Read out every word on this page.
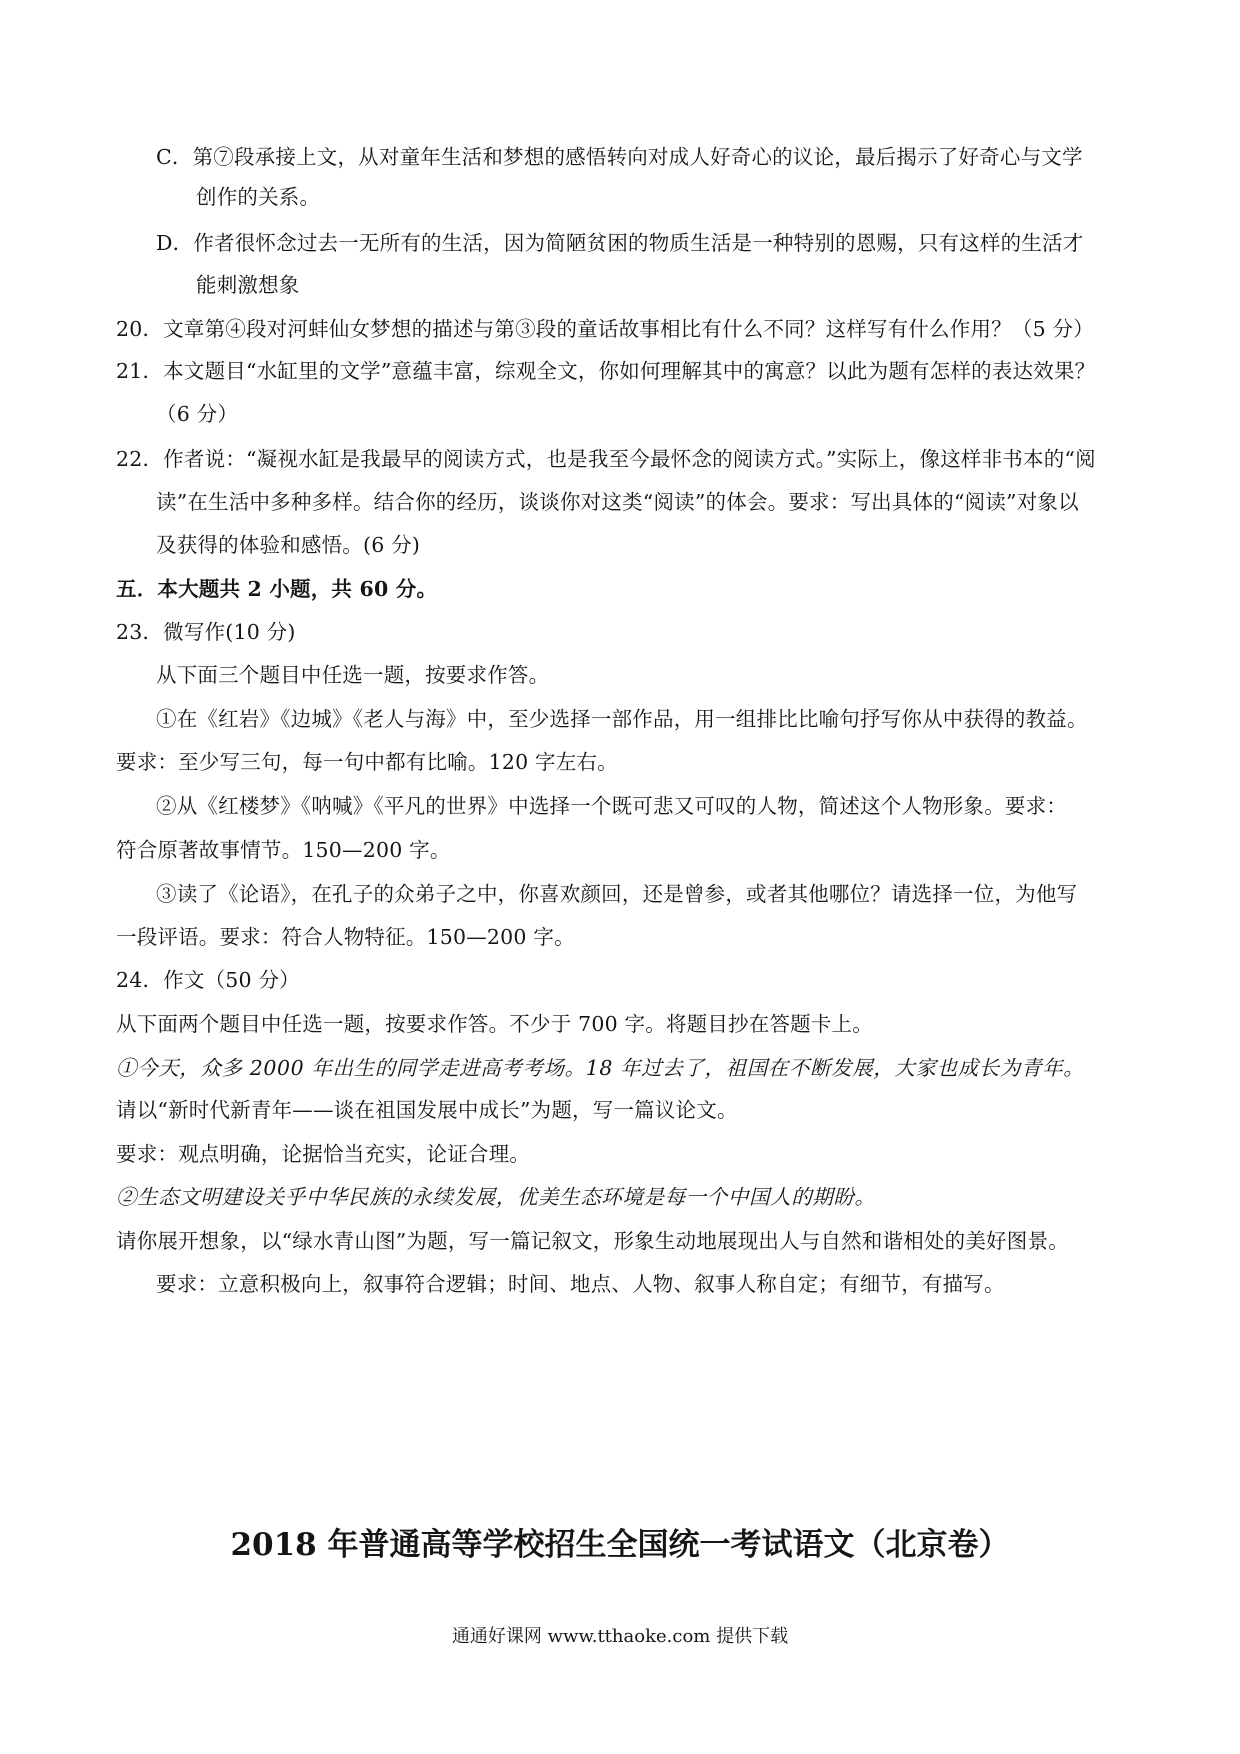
C．第⑦段承接上文，从对童年生活和梦想的感悟转向对成人好奇心的议论，最后揭示了好奇心与文学
创作的关系。
D．作者很怀念过去一无所有的生活，因为简陋贫困的物质生活是一种特别的恩赐，只有这样的生活才
能刺激想象
20．文章第④段对河蚌仙女梦想的描述与第③段的童话故事相比有什么不同？这样写有什么作用？（5 分）
21．本文题目“水缸里的文学”意蕴丰富，综观全文，你如何理解其中的寓意？以此为题有怎样的表达效果？
（6 分）
22．作者说：“凝视水缸是我最早的阅读方式，也是我至今最怀念的阅读方式。”实际上，像这样非书本的“阅
读”在生活中多种多样。结合你的经历，谈谈你对这类“阅读”的体会。要求：写出具体的“阅读”对象以
及获得的体验和感悟。(6 分)
五．本大题共 2 小题，共 60 分。
23．微写作(10 分)
从下面三个题目中任选一题，按要求作答。
①在《红岩》《边城》《老人与海》中，至少选择一部作品，用一组排比比喻句抒写你从中获得的教益。
要求：至少写三句，每一句中都有比喻。120 字左右。
②从《红楼梦》《呐喊》《平凡的世界》中选择一个既可悲又可叹的人物，简述这个人物形象。要求：
符合原著故事情节。150—200 字。
③读了《论语》，在孔子的众弟子之中，你喜欢颜回，还是曾参，或者其他哪位？请选择一位，为他写
一段评语。要求：符合人物特征。150—200 字。
24．作文（50 分）
从下面两个题目中任选一题，按要求作答。不少于 700 字。将题目抄在答题卡上。
①今天，众多 2000 年出生的同学走进高考考场。18 年过去了，祖国在不断发展，大家也成长为青年。
请以“新时代新青年——谈在祖国发展中成长”为题，写一篇议论文。
要求：观点明确，论据恰当充实，论证合理。
②生态文明建设关乎中华民族的永续发展，优美生态环境是每一个中国人的期盼。
请你展开想象，以“绿水青山图”为题，写一篇记叙文，形象生动地展现出人与自然和谐相处的美好图景。
要求：立意积极向上，叙事符合逻辑；时间、地点、人物、叙事人称自定；有细节，有描写。
2018 年普通高等学校招生全国统一考试语文（北京卷）
通通好课网 www.tthaoke.com 提供下载
